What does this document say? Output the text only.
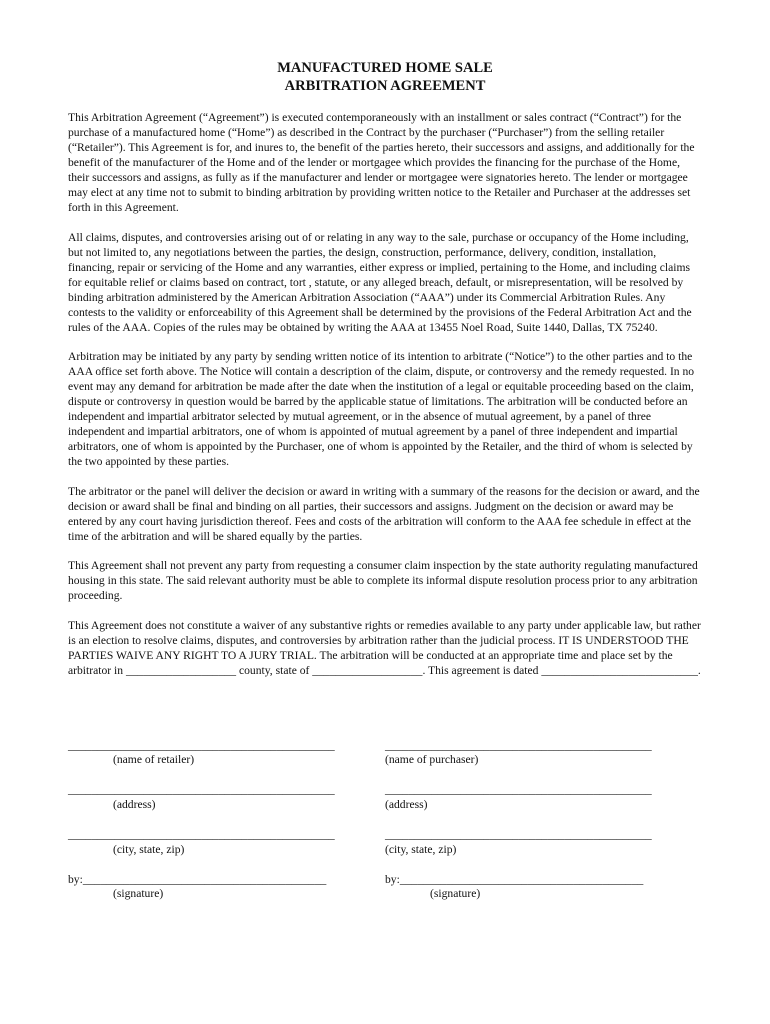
MANUFACTURED HOME SALE
ARBITRATION AGREEMENT

This Arbitration Agreement (“Agreement”) is executed contemporaneously with an installment or sales contract (“Contract”) for the purchase of a manufactured home (“Home”) as described in the Contract by the purchaser (“Purchaser”) from the selling retailer (“Retailer”). This Agreement is for, and inures to, the benefit of the parties hereto, their successors and assigns, and additionally for the benefit of the manufacturer of the Home and of the lender or mortgagee which provides the financing for the purchase of the Home, their successors and assigns, as fully as if the manufacturer and lender or mortgagee were signatories hereto. The lender or mortgagee may elect at any time not to submit to binding arbitration by providing written notice to the Retailer and Purchaser at the addresses set forth in this Agreement.

All claims, disputes, and controversies arising out of or relating in any way to the sale, purchase or occupancy of the Home including, but not limited to, any negotiations between the parties, the design, construction, performance, delivery, condition, installation, financing, repair or servicing of the Home and any warranties, either express or implied, pertaining to the Home, and including claims for equitable relief or claims based on contract, tort , statute, or any alleged breach, default, or misrepresentation, will be resolved by binding arbitration administered by the American Arbitration Association (“AAA”) under its Commercial Arbitration Rules. Any contests to the validity or enforceability of this Agreement shall be determined by the provisions of the Federal Arbitration Act and the rules of the AAA. Copies of the rules may be obtained by writing the AAA at 13455 Noel Road, Suite 1440, Dallas, TX 75240.

Arbitration may be initiated by any party by sending written notice of its intention to arbitrate (“Notice”) to the other parties and to the AAA office set forth above. The Notice will contain a description of the claim, dispute, or controversy and the remedy requested. In no event may any demand for arbitration be made after the date when the institution of a legal or equitable proceeding based on the claim, dispute or controversy in question would be barred by the applicable statue of limitations. The arbitration will be conducted before an independent and impartial arbitrator selected by mutual agreement, or in the absence of mutual agreement, by a panel of three independent and impartial arbitrators, one of whom is appointed of mutual agreement by a panel of three independent and impartial arbitrators, one of whom is appointed by the Purchaser, one of whom is appointed by the Retailer, and the third of whom is selected by the two appointed by these parties.

The arbitrator or the panel will deliver the decision or award in writing with a summary of the reasons for the decision or award, and the decision or award shall be final and binding on all parties, their successors and assigns. Judgment on the decision or award may be entered by any court having jurisdiction thereof. Fees and costs of the arbitration will conform to the AAA fee schedule in effect at the time of the arbitration and will be shared equally by the parties.

This Agreement shall not prevent any party from requesting a consumer claim inspection by the state authority regulating manufactured housing in this state. The said relevant authority must be able to complete its informal dispute resolution process prior to any arbitration proceeding.

This Agreement does not constitute a waiver of any substantive rights or remedies available to any party under applicable law, but rather is an election to resolve claims, disputes, and controversies by arbitration rather than the judicial process. IT IS UNDERSTOOD THE PARTIES WAIVE ANY RIGHT TO A JURY TRIAL. The arbitration will be conducted at an appropriate time and place set by the arbitrator in ___________________ county, state of ___________________. This agreement is dated ___________________________.

______________________________________________
(name of retailer)
______________________________________________
(address)
______________________________________________
(city, state, zip)
by:__________________________________________
(signature)
______________________________________________
(name of purchaser)
______________________________________________
(address)
______________________________________________
(city, state, zip)
by:__________________________________________
(signature)
